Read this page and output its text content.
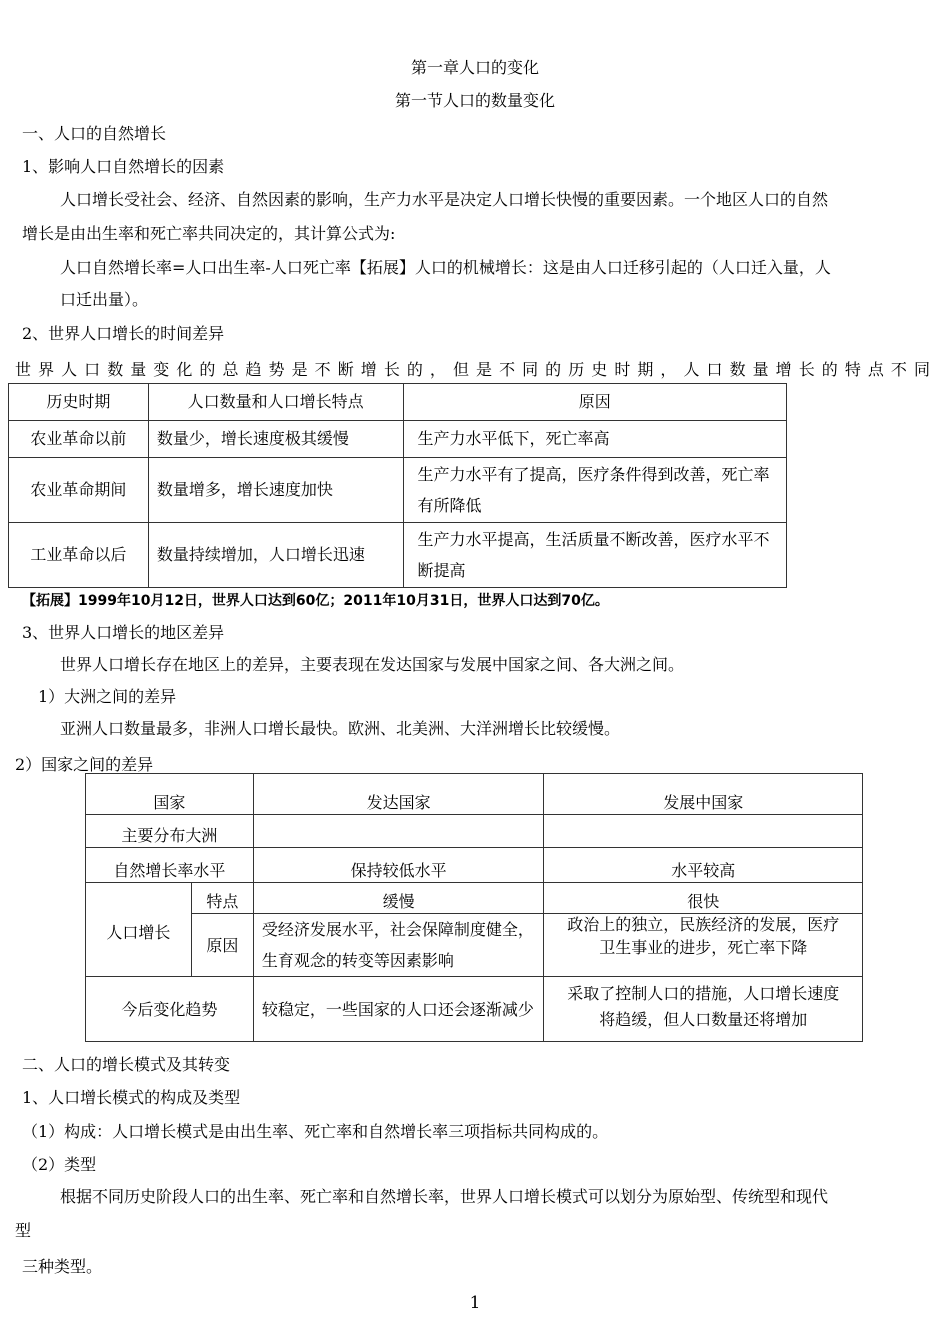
第一章人口的变化
第一节人口的数量变化
一、人口的自然增长
1、影响人口自然增长的因素
人口增长受社会、经济、自然因素的影响，生产力水平是决定人口增长快慢的重要因素。一个地区人口的自然
增长是由出生率和死亡率共同决定的，其计算公式为:
人口自然增长率=人口出生率-人口死亡率【拓展】人口的机械增长：这是由人口迁移引起的（人口迁入量，人
口迁出量）。
2、世界人口增长的时间差异
世界人口数量变化的总趋势是不断增长的，但是不同的历史时期，人口数量增长的特点不同
历史时期	人口数量和人口增长特点	原因
农业革命以前	数量少，增长速度极其缓慢	生产力水平低下，死亡率高
农业革命期间	数量增多，增长速度加快	生产力水平有了提高，医疗条件得到改善，死亡率有所降低
工业革命以后	数量持续增加，人口增长迅速	生产力水平提高，生活质量不断改善，医疗水平不断提高
【拓展】1999年10月12日，世界人口达到60亿；2011年10月31日，世界人口达到70亿。
3、世界人口增长的地区差异
世界人口增长存在地区上的差异，主要表现在发达国家与发展中国家之间、各大洲之间。
1）大洲之间的差异
亚洲人口数量最多，非洲人口增长最快。欧洲、北美洲、大洋洲增长比较缓慢。
2）国家之间的差异
国家		发达国家	发展中国家
主要分布大洲			
自然增长率水平		保持较低水平	水平较高
人口增长	特点	缓慢	很快
	原因	受经济发展水平，社会保障制度健全，生育观念的转变等因素影响	政治上的独立，民族经济的发展，医疗
卫生事业的进步，死亡率下降

今后变化趋势		较稳定，一些国家的人口还会逐渐减少	采取了控制人口的措施，人口增长速度
将趋缓，但人口数量还将增加
二、人口的增长模式及其转变
1、人口增长模式的构成及类型
（1）构成：人口增长模式是由出生率、死亡率和自然增长率三项指标共同构成的。
（2）类型
根据不同历史阶段人口的出生率、死亡率和自然增长率，世界人口增长模式可以划分为原始型、传统型和现代
型
三种类型。
1
